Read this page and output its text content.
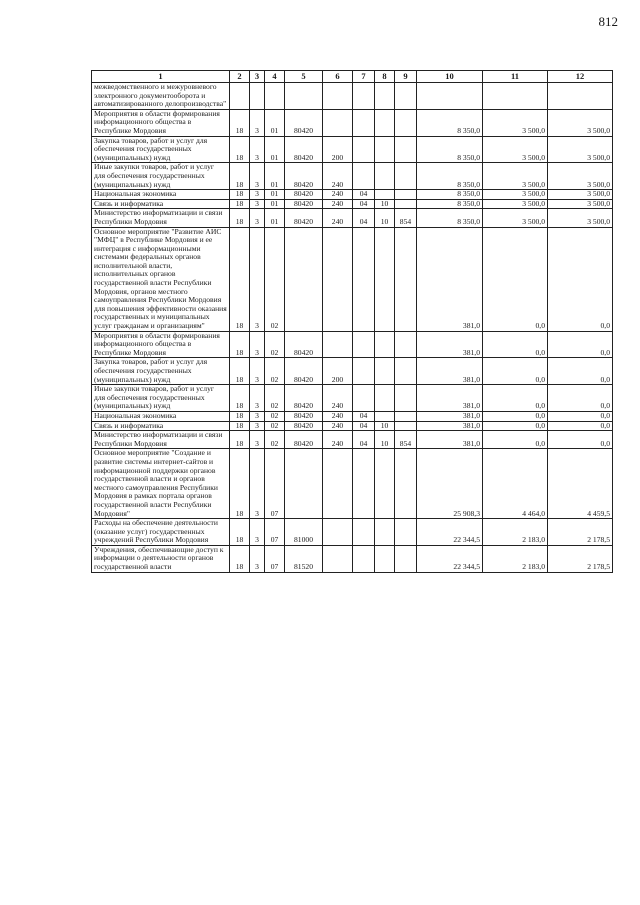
812
1	2	3	4	5	6	7	8	9	10	11	12
межведомственного и межуровневого электронного документооборота и автоматизированного делопроизводства"											
Мероприятия в области формирования информационного общества в Республике Мордовия	18	3	01	80420					8 350,0	3 500,0	3 500,0
Закупка товаров, работ и услуг для обеспечения государственных (муниципальных) нужд	18	3	01	80420	200				8 350,0	3 500,0	3 500,0
Иные закупки товаров, работ и услуг для обеспечения государственных (муниципальных) нужд	18	3	01	80420	240				8 350,0	3 500,0	3 500,0
Национальная экономика	18	3	01	80420	240	04			8 350,0	3 500,0	3 500,0
Связь и информатика	18	3	01	80420	240	04	10		8 350,0	3 500,0	3 500,0
Министерство информатизации и связи Республики Мордовия	18	3	01	80420	240	04	10	854	8 350,0	3 500,0	3 500,0
Основное мероприятие "Развитие АИС "МФЦ" в Республике Мордовия и ее интеграция с информационными системами федеральных органов исполнительной власти, исполнительных органов государственной власти Республики Мордовия, органов местного самоуправления Республики Мордовия для повышения эффективности оказания государственных и муниципальных услуг гражданам и организациям"	18	3	02						381,0	0,0	0,0
Мероприятия в области формирования информационного общества в Республике Мордовия	18	3	02	80420					381,0	0,0	0,0
Закупка товаров, работ и услуг для обеспечения государственных (муниципальных) нужд	18	3	02	80420	200				381,0	0,0	0,0
Иные закупки товаров, работ и услуг для обеспечения государственных (муниципальных) нужд	18	3	02	80420	240				381,0	0,0	0,0
Национальная экономика	18	3	02	80420	240	04			381,0	0,0	0,0
Связь и информатика	18	3	02	80420	240	04	10		381,0	0,0	0,0
Министерство информатизации и связи Республики Мордовия	18	3	02	80420	240	04	10	854	381,0	0,0	0,0
Основное мероприятие "Создание и развитие системы интернет-сайтов и информационной поддержки органов государственной власти и органов местного самоуправления Республики Мордовия в рамках портала органов государственной власти Республики Мордовия"	18	3	07						25 908,3	4 464,0	4 459,5
Расходы на обеспечение деятельности (оказание услуг) государственных учреждений Республики Мордовия	18	3	07	81000					22 344,5	2 183,0	2 178,5
Учреждения, обеспечивающие доступ к информации о деятельности органов государственной власти	18	3	07	81520					22 344,5	2 183,0	2 178,5
